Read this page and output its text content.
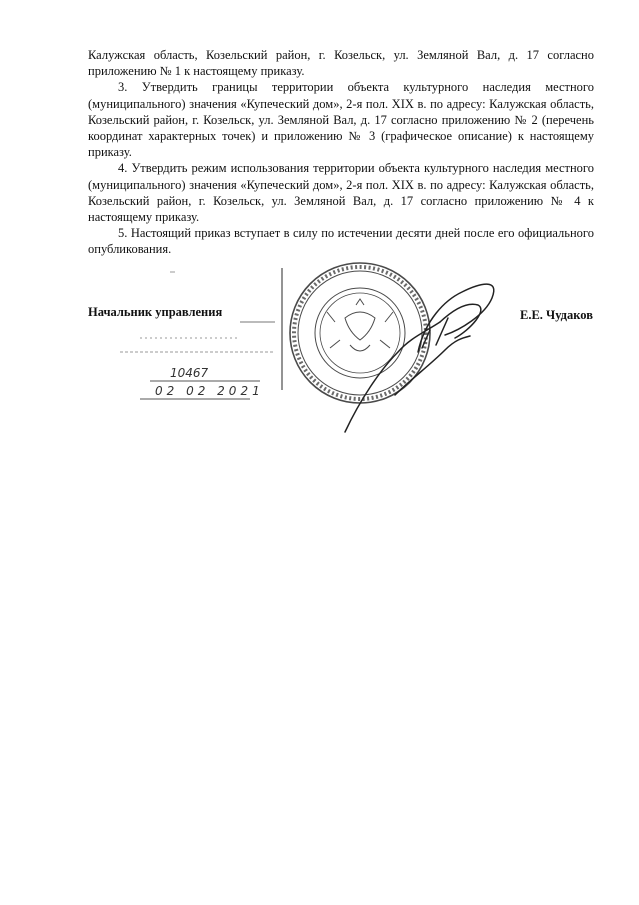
Калужская область, Козельский район, г. Козельск, ул. Земляной Вал, д. 17 согласно приложению № 1 к настоящему приказу.

3. Утвердить границы территории объекта культурного наследия местного (муниципального) значения «Купеческий дом», 2-я пол. XIX в. по адресу: Калужская область, Козельский район, г. Козельск, ул. Земляной Вал, д. 17 согласно приложению № 2 (перечень координат характерных точек) и приложению № 3 (графическое описание) к настоящему приказу.

4. Утвердить режим использования территории объекта культурного наследия местного (муниципального) значения «Купеческий дом», 2-я пол. XIX в. по адресу: Калужская область, Козельский район, г. Козельск, ул. Земляной Вал, д. 17 согласно приложению № 4 к настоящему приказу.

5. Настоящий приказ вступает в силу по истечении десяти дней после его официального опубликования.

Начальник управления	Е.Е. Чудаков
10467
02 02 2021
